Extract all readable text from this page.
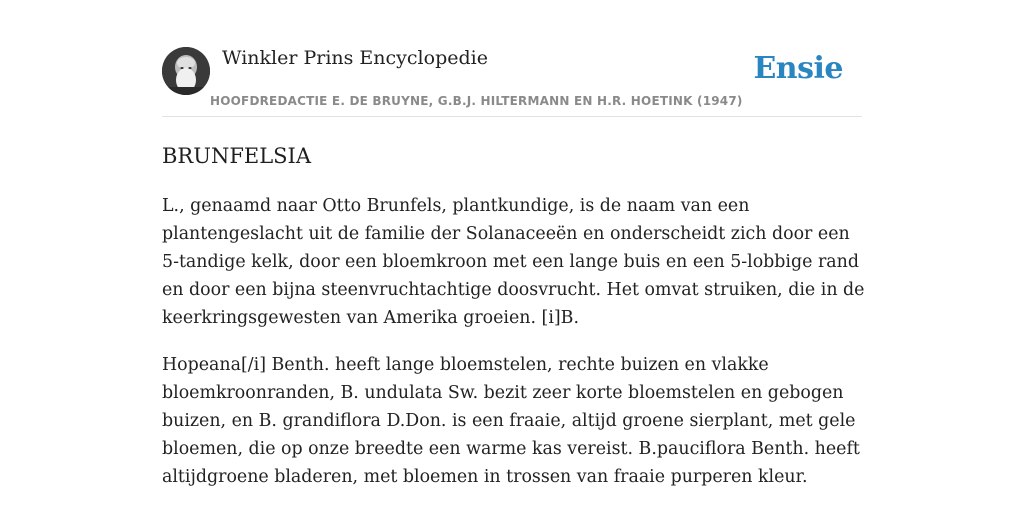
Winkler Prins Encyclopedie
HOOFDREDACTIE E. DE BRUYNE, G.B.J. HILTERMANN EN H.R. HOETINK (1947)
Ensie
BRUNFELSIA

L., genaamd naar Otto Brunfels, plantkundige, is de naam van een plantengeslacht uit de familie der Solanaceeën en onderscheidt zich door een 5-tandige kelk, door een bloemkroon met een lange buis en een 5-lobbige rand en door een bijna steenvruchtachtige doosvrucht. Het omvat struiken, die in de keerkringsgewesten van Amerika groeien. [i]B.

Hopeana[/i] Benth. heeft lange bloemstelen, rechte buizen en vlakke bloemkroonranden, B. undulata Sw. bezit zeer korte bloemstelen en gebogen buizen, en B. grandiflora D.Don. is een fraaie, altijd groene sierplant, met gele bloemen, die op onze breedte een warme kas vereist. B.pauciflora Benth. heeft altijdgroene bladeren, met bloemen in trossen van fraaie purperen kleur.
